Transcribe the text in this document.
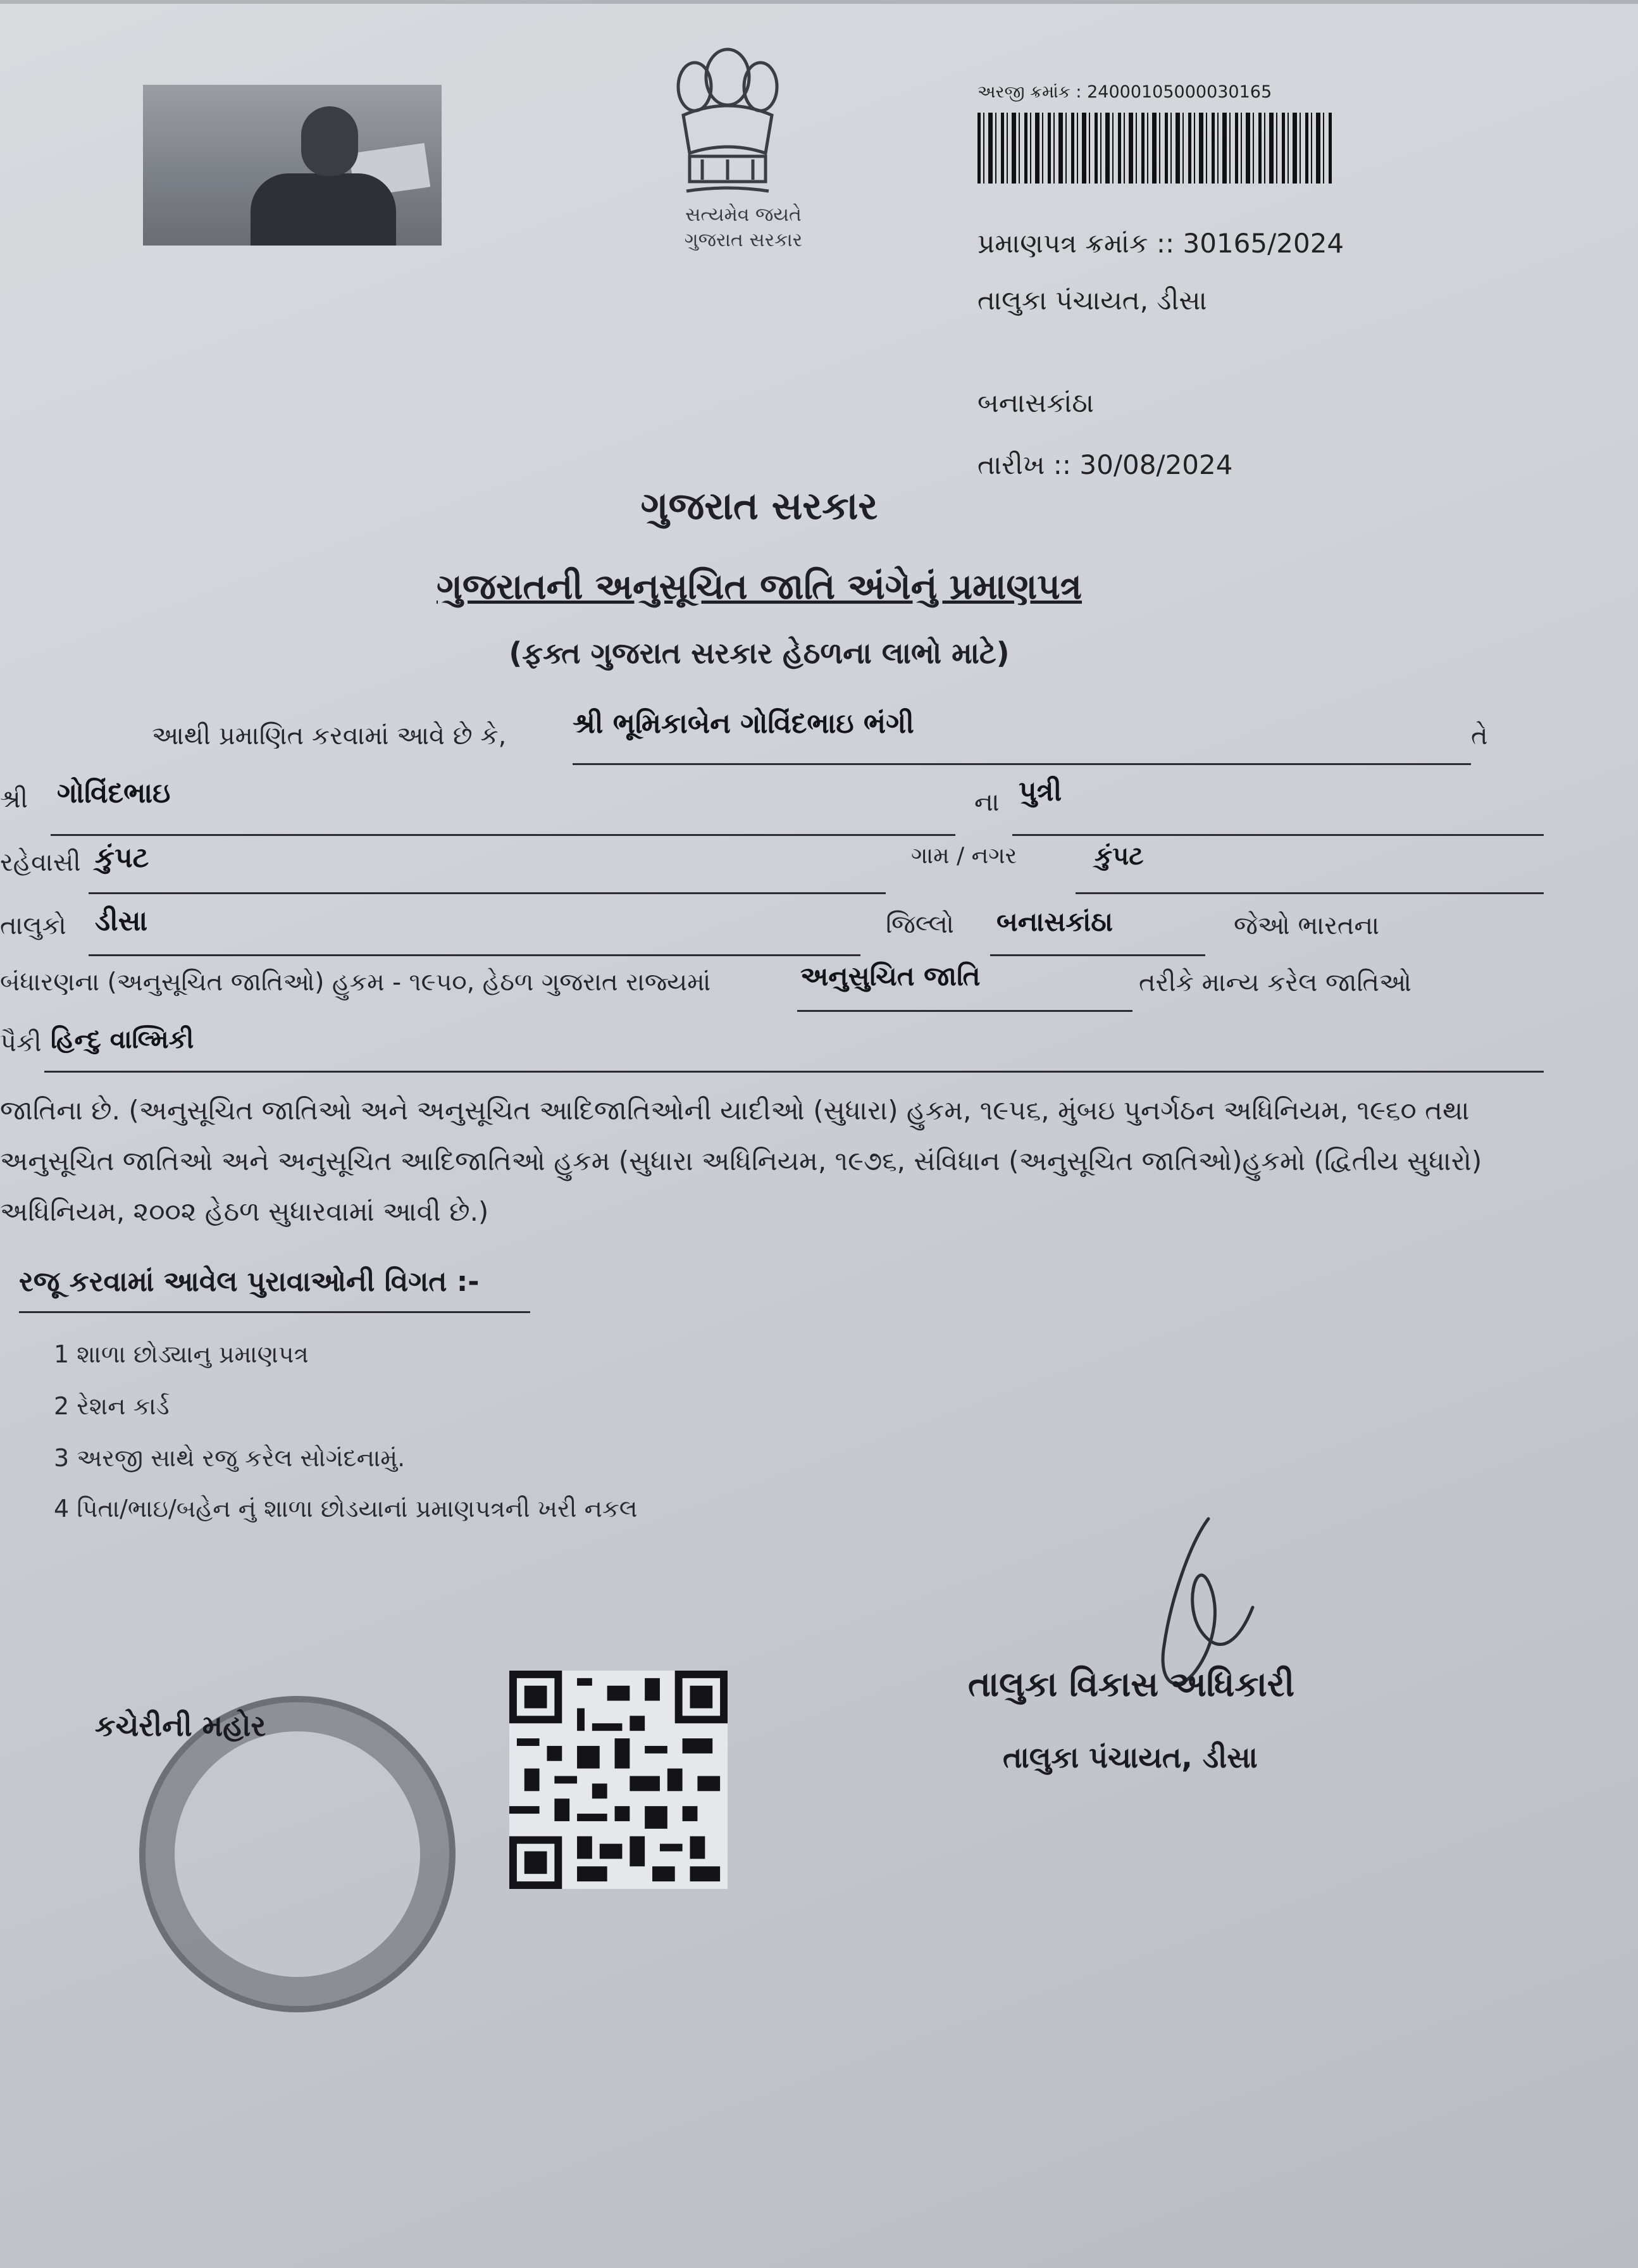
સત્યમેવ જયતે
ગુજરાત સરકાર
અરજી ક્રમાંક : 24000105000030165
પ્રમાણપત્ર ક્રમાંક :: 30165/2024
તાલુકા પંચાયત, ડીસા
બનાસકાંઠા
તારીખ :: 30/08/2024
ગુજરાત સરકાર
ગુજરાતની અનુસૂચિત જાતિ અંગેનું પ્રમાણપત્ર
(ફક્ત ગુજરાત સરકાર હેઠળના લાભો માટે)
આથી પ્રમાણિત કરવામાં આવે છે કે, શ્રી ભૂમિકાબેન ગોવિંદભાઇ ભંગી	તે
શ્રી ગોવિંદભાઇ	ના પુત્રી
રહેવાસી કુંપટ	ગામ / નગર	કુંપટ
તાલુકો ડીસા	જિલ્લો બનાસકાંઠા	જેઓ ભારતના
બંધારણના (અનુસૂચિત જાતિઓ) હુકમ - ૧૯૫૦, હેઠળ ગુજરાત રાજ્યમાં	અનુસુચિત જાતિ	તરીકે માન્ય કરેલ જાતિઓ
પૈકી હિન્દુ વાલ્મિકી
જાતિના છે. (અનુસૂચિત જાતિઓ અને અનુસૂચિત આદિજાતિઓની યાદીઓ (સુધારા) હુકમ, ૧૯૫૬, મુંબઇ પુનર્ગઠન અધિનિયમ, ૧૯૬૦ તથા
અનુસૂચિત જાતિઓ અને અનુસૂચિત આદિજાતિઓ હુકમ (સુધારા અધિનિયમ, ૧૯૭૬, સંવિધાન (અનુસૂચિત જાતિઓ)હુકમો (દ્વિતીય સુધારો)
અધિનિયમ, ૨૦૦૨ હેઠળ સુધારવામાં આવી છે.)
રજૂ કરવામાં આવેલ પુરાવાઓની વિગત :-
1 શાળા છોડ્યાનુ પ્રમાણપત્ર
2 રેશન કાર્ડ
3 અરજી સાથે રજુ કરેલ સોગંદનામું.
4 પિતા/ભાઇ/બહેન નું શાળા છોડયાનાં પ્રમાણપત્રની ખરી નકલ
કચેરીની મહોર
તાલુકા વિકાસ અધિકારી
તાલુકા પંચાયત, ડીસા
